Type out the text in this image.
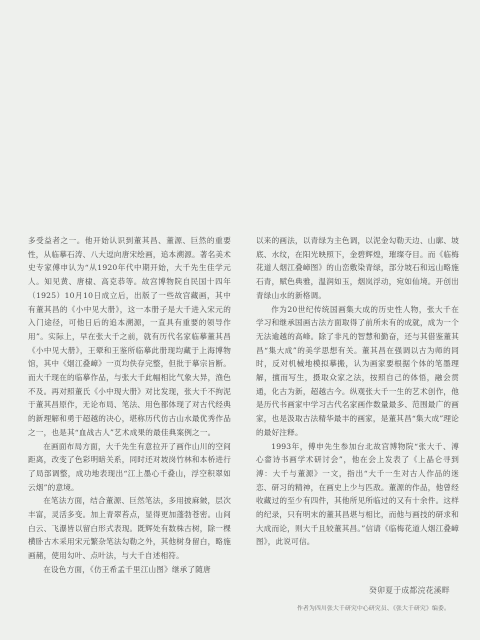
多受益者之一。他开始认识到董其昌、董源、巨然的重要性，从临摹石涛、八大逗向唐宋绘画，追本溯源。著名美术史专家傅申认为“从1920年代中期开始，大千先生佳学元人。知见黄、唐棣、高克恭等。故宫博物院自民国十四年（1925）10月10日成立后，出版了一些故宫藏画，其中有董其昌的《小中见大册》，这一本册子是大千进入宋元的入门途径，可他日后的追本溯源，一直具有重要的领导作用”。实际上，早在张大千之前，就有历代名家临摹董其昌《小中见大册》，王翚和王鉴所临摹此册现均藏于上海博物馆，其中《烟江叠嶂》一页均佚存完整，但批于摹宗旨断。而大千现在的临摹作品，与张大千此幅相比气象大异，渔色不及。再对照董氏《小中现大册》对比发现，张大千不拘泥于董其昌原作，无论布局、笔法、用色都体现了对古代经典的新理解和勇于超越的决心，堪称历代仿古山水最优秀作品之一，也是其“血战古人”艺术成果的最佳典案例之一。

在画面布局方面，大千先生有意拉开了画作山川的空间距离，改变了色彩明暗关系，同时还对坡岗竹林和本桥进行了局部调整，成功地表现出“江上墨心千叠山，浮空积翠如云烟”的意境。

在笔法方面，结合董源、巨然笔法，多用披麻皴，层次丰富，灵活多变。加上青翠苔点，显得更加蓬勃苍密。山间白云、飞瀑皆以留白形式表现。既辉处有数株古树，除一棵横卧古木采用宋元繁杂笔法勾勒之外，其他树身留白，略施画赭，使用勾叶、点叶法，与大千自述相符。

在设色方面，《仿王希孟千里江山图》继承了随唐

以来的画法，以青绿为主色调，以泥金勾勒天边、山廓、坡底、水纹，在阳光映照下，金碧辉煌，璀璨夺目。而《临梅花道人烟江叠嶂图》的山峦敷染青绿，部分坡石和远山略施石青，赋色典雅，温润如玉，烟岚浮动，宛如仙境。开创出青绿山水的新格调。

作为20世纪传统国画集大成的历史性人物，张大千在学习和继承国画古法方面取得了前所未有的成就，成为一个无法逾越的高峰。除了非凡的智慧和勤奋，还与其借鉴董其昌“集大成”的美学思想有关。董其昌在强调以古为师的同时，反对机械地模拟摹搬，认为画家要根据个体的笔墨理解，擅而写生，摄取众家之法，按照自己的体悟，融会贯通，化古为新，超越古今。纵观张大千一生的艺术创作，他是历代书画家中学习古代名家画作数量最多、范围最广的画家，也是汲取古法精华最丰的画家，是董其昌“集大成”理论的最好注释。

1993年，傅申先生参加台北故宫博物院“张大千、溥心畲诗书画学术研讨会”，他在会上发表了《上晶仑寻到溥：大千与董源》一文，指出“大千一生对古人作品的迷恋、研习的精神，在画史上少与匹敌。董源的作品，他曾经收藏过的至少有四件，其他所见所临过的又有十余件。这样的纪录，只有明末的董其昌堪与相比，而他与画技的研求和大成而论，则大千且较董其昌。”信请《临梅花道人烟江叠嶂图》，此说可信。

癸卯夏于成都浣花溪畔
作者为四川张大千研究中心研究员、《张大千研究》编委。
